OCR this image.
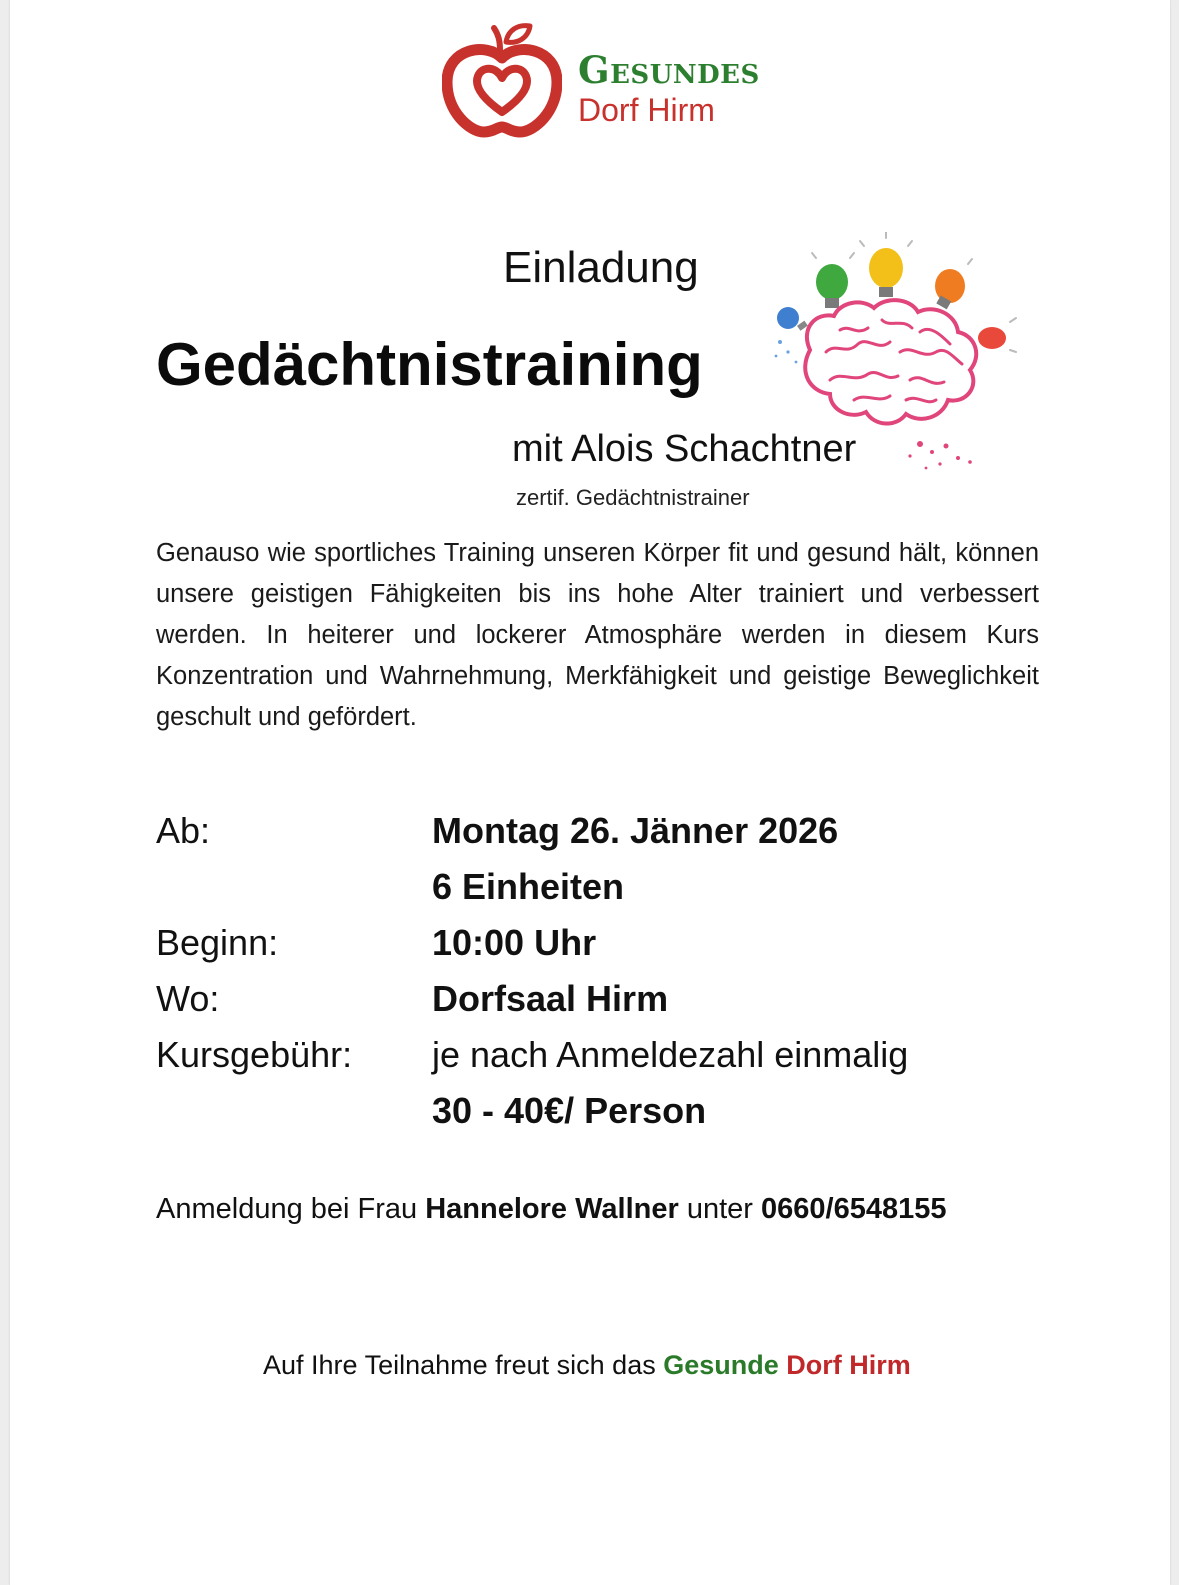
Gesundes
Dorf Hirm
Einladung
Gedächtnistraining
mit Alois Schachtner
zertif. Gedächtnistrainer
Genauso wie sportliches Training unseren Körper fit und gesund hält, können unsere geistigen Fähigkeiten bis ins hohe Alter trainiert und verbessert werden. In heiterer und lockerer Atmosphäre werden in diesem Kurs Konzentration und Wahrnehmung, Merkfähigkeit und geistige Beweglichkeit geschult und gefördert.
Ab:	Montag 26. Jänner 2026
6 Einheiten
Beginn:	10:00 Uhr
Wo:	Dorfsaal Hirm
Kursgebühr: je nach Anmeldezahl einmalig
30 - 40€/ Person
Anmeldung bei Frau Hannelore Wallner unter 0660/6548155
Auf Ihre Teilnahme freut sich das Gesunde Dorf Hirm
